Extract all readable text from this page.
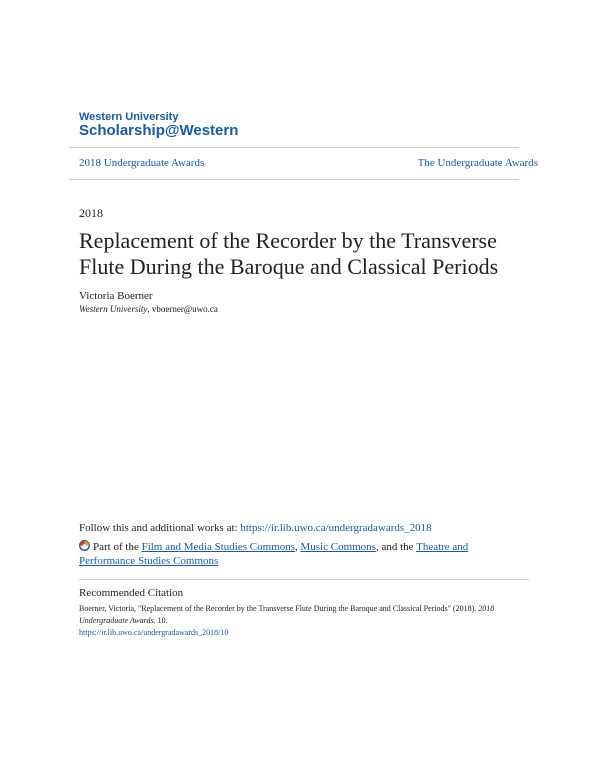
Western University
Scholarship@Western
2018 Undergraduate Awards	The Undergraduate Awards
2018
Replacement of the Recorder by the Transverse Flute During the Baroque and Classical Periods
Victoria Boerner
Western University, vboerner@uwo.ca
Follow this and additional works at: https://ir.lib.uwo.ca/undergradawards_2018
Part of the Film and Media Studies Commons, Music Commons, and the Theatre and Performance Studies Commons
Recommended Citation
Boerner, Victoria, "Replacement of the Recorder by the Transverse Flute During the Baroque and Classical Periods" (2018). 2018 Undergraduate Awards. 10.
https://ir.lib.uwo.ca/undergradawards_2018/10
